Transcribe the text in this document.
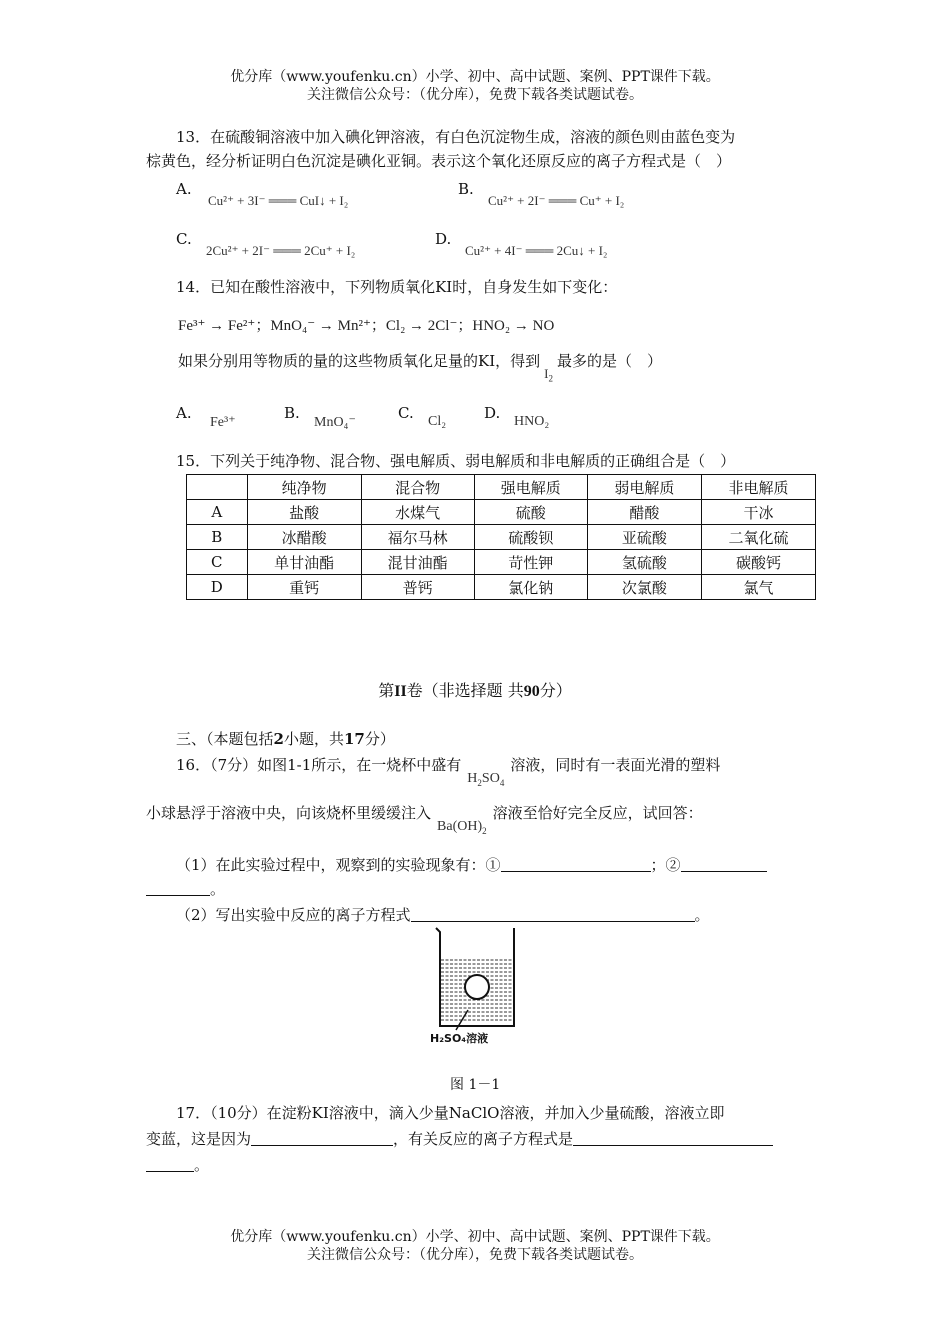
优分库（www.youfenku.cn）小学、初中、高中试题、案例、PPT课件下载。
关注微信公众号：（优分库），免费下载各类试题试卷。
13．在硫酸铜溶液中加入碘化钾溶液，有白色沉淀物生成，溶液的颜色则由蓝色变为
棕黄色，经分析证明白色沉淀是碘化亚铜。表示这个氧化还原反应的离子方程式是（　）
A.
Cu²⁺ + 3I⁻ ═══ CuI↓ + I₂
B.
Cu²⁺ + 2I⁻ ═══ Cu⁺ + I₂
C.
2Cu²⁺ + 2I⁻ ═══ 2Cu⁺ + I₂
D.
Cu²⁺ + 4I⁻ ═══ 2Cu↓ + I₂
14．已知在酸性溶液中，下列物质氧化KI时，自身发生如下变化：
Fe³⁺ → Fe²⁺；MnO₄⁻ → Mn²⁺；Cl₂ → 2Cl⁻；HNO₂ → NO
如果分别用等物质的量的这些物质氧化足量的KI，得到$I_2$最多的是（　）
A.
Fe³⁺
B.
MnO₄⁻
C. Cl₂	D. HNO₂
15．下列关于纯净物、混合物、强电解质、弱电解质和非电解质的正确组合是（　）
	纯净物	混合物	强电解质	弱电解质	非电解质
A	盐酸	水煤气	硫酸	醋酸	干冰
B	冰醋酸	福尔马林	硫酸钡	亚硫酸	二氧化硫
C	单甘油酯	混甘油酯	苛性钾	氢硫酸	碳酸钙
D	重钙	普钙	氯化钠	次氯酸	氯气
第II卷（非选择题 共90分）
三、（本题包括2小题，共17分）
16．（7分）如图1-1所示，在一烧杯中盛有$H_2SO_4$溶液，同时有一表面光滑的塑料
小球悬浮于溶液中央，向该烧杯里缓缓注入$Ba(OH)_2$溶液至恰好完全反应，试回答：
（1）在此实验过程中，观察到的实验现象有：①	；②
。
（2）写出实验中反应的离子方程式	。
H₂SO₄溶液
图 1－1
17．（10分）在淀粉KI溶液中，滴入少量NaClO溶液，并加入少量硫酸，溶液立即
变蓝，这是因为	，有关反应的离子方程式是
。
优分库（www.youfenku.cn）小学、初中、高中试题、案例、PPT课件下载。
关注微信公众号：（优分库），免费下载各类试题试卷。
